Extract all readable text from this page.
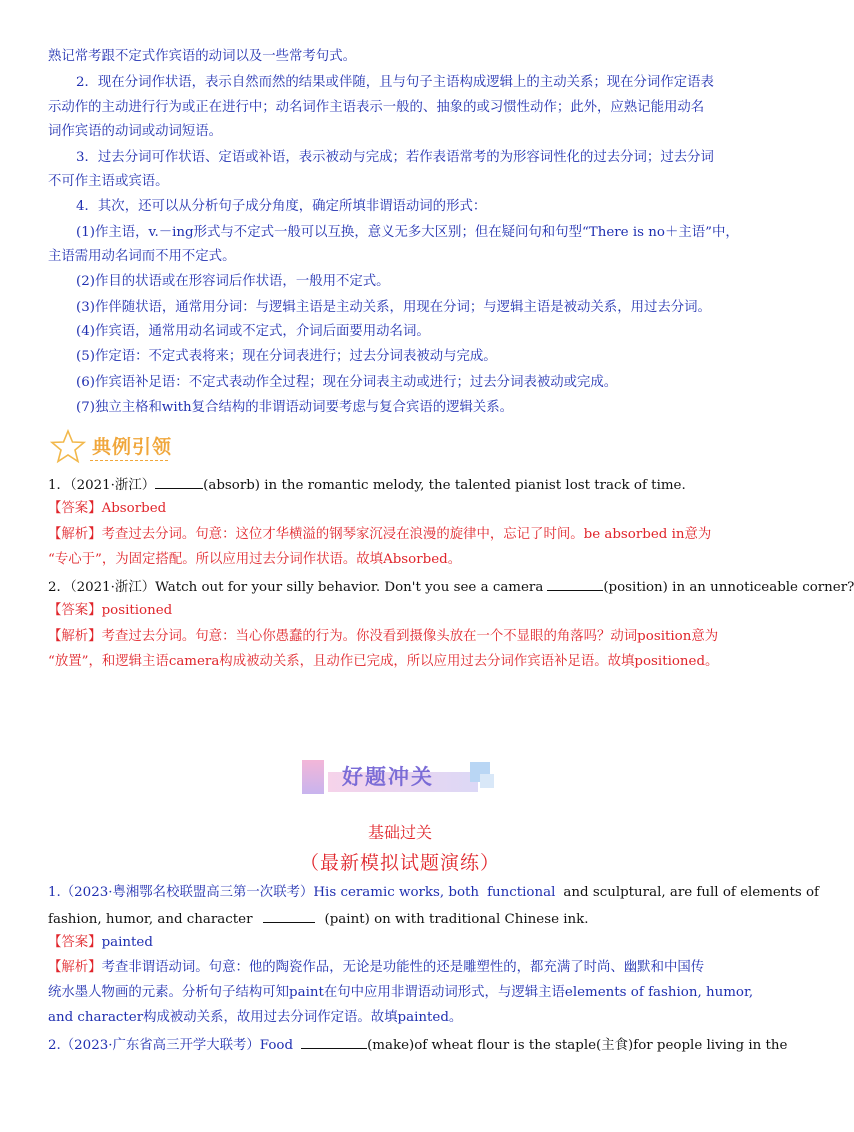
熟记常考跟不定式作宾语的动词以及一些常考句式。
2．现在分词作状语，表示自然而然的结果或伴随，且与句子主语构成逻辑上的主动关系；现在分词作定语表
示动作的主动进行行为或正在进行中；动名词作主语表示一般的、抽象的或习惯性动作；此外，应熟记能用动名
词作宾语的动词或动词短语。
3．过去分词可作状语、定语或补语，表示被动与完成；若作表语常考的为形容词性化的过去分词；过去分词
不可作主语或宾语。
4．其次，还可以从分析句子成分角度，确定所填非谓语动词的形式：
(1)作主语，v.－ing形式与不定式一般可以互换，意义无多大区别；但在疑问句和句型“There is no＋主语”中，
主语需用动名词而不用不定式。
(2)作目的状语或在形容词后作状语，一般用不定式。
(3)作伴随状语，通常用分词：与逻辑主语是主动关系，用现在分词；与逻辑主语是被动关系，用过去分词。
(4)作宾语，通常用动名词或不定式，介词后面要用动名词。
(5)作定语：不定式表将来；现在分词表进行；过去分词表被动与完成。
(6)作宾语补足语：不定式表动作全过程；现在分词表主动或进行；过去分词表被动或完成。
(7)独立主格和with复合结构的非谓语动词要考虑与复合宾语的逻辑关系。
典例引领
1．（2021·浙江）	(absorb) in the romantic melody, the talented pianist lost track of time.
【答案】Absorbed
【解析】考查过去分词。句意：这位才华横溢的钢琴家沉浸在浪漫的旋律中，忘记了时间。be absorbed in意为
“专心于”，为固定搭配。所以应用过去分词作状语。故填Absorbed。
2．（2021·浙江）Watch out for your silly behavior. Don't you see a camera	(position) in an unnoticeable corner?
【答案】positioned
【解析】考查过去分词。句意：当心你愚蠢的行为。你没看到摄像头放在一个不显眼的角落吗？动词position意为
“放置”，和逻辑主语camera构成被动关系，且动作已完成，所以应用过去分词作宾语补足语。故填positioned。
好题冲关
基础过关
（最新模拟试题演练）
1.（2023·粤湘鄂名校联盟高三第一次联考）His ceramic works, both functional and sculptural, are full of elements of
fashion, humor, and character	(paint) on with traditional Chinese ink.
【答案】painted
【解析】考查非谓语动词。句意：他的陶瓷作品，无论是功能性的还是雕塑性的，都充满了时尚、幽默和中国传
统水墨人物画的元素。分析句子结构可知paint在句中应用非谓语动词形式，与逻辑主语elements of fashion, humor,
and character构成被动关系，故用过去分词作定语。故填painted。
2.（2023·广东省高三开学大联考）Food	(make)of wheat flour is the staple(主食)for people living in the
